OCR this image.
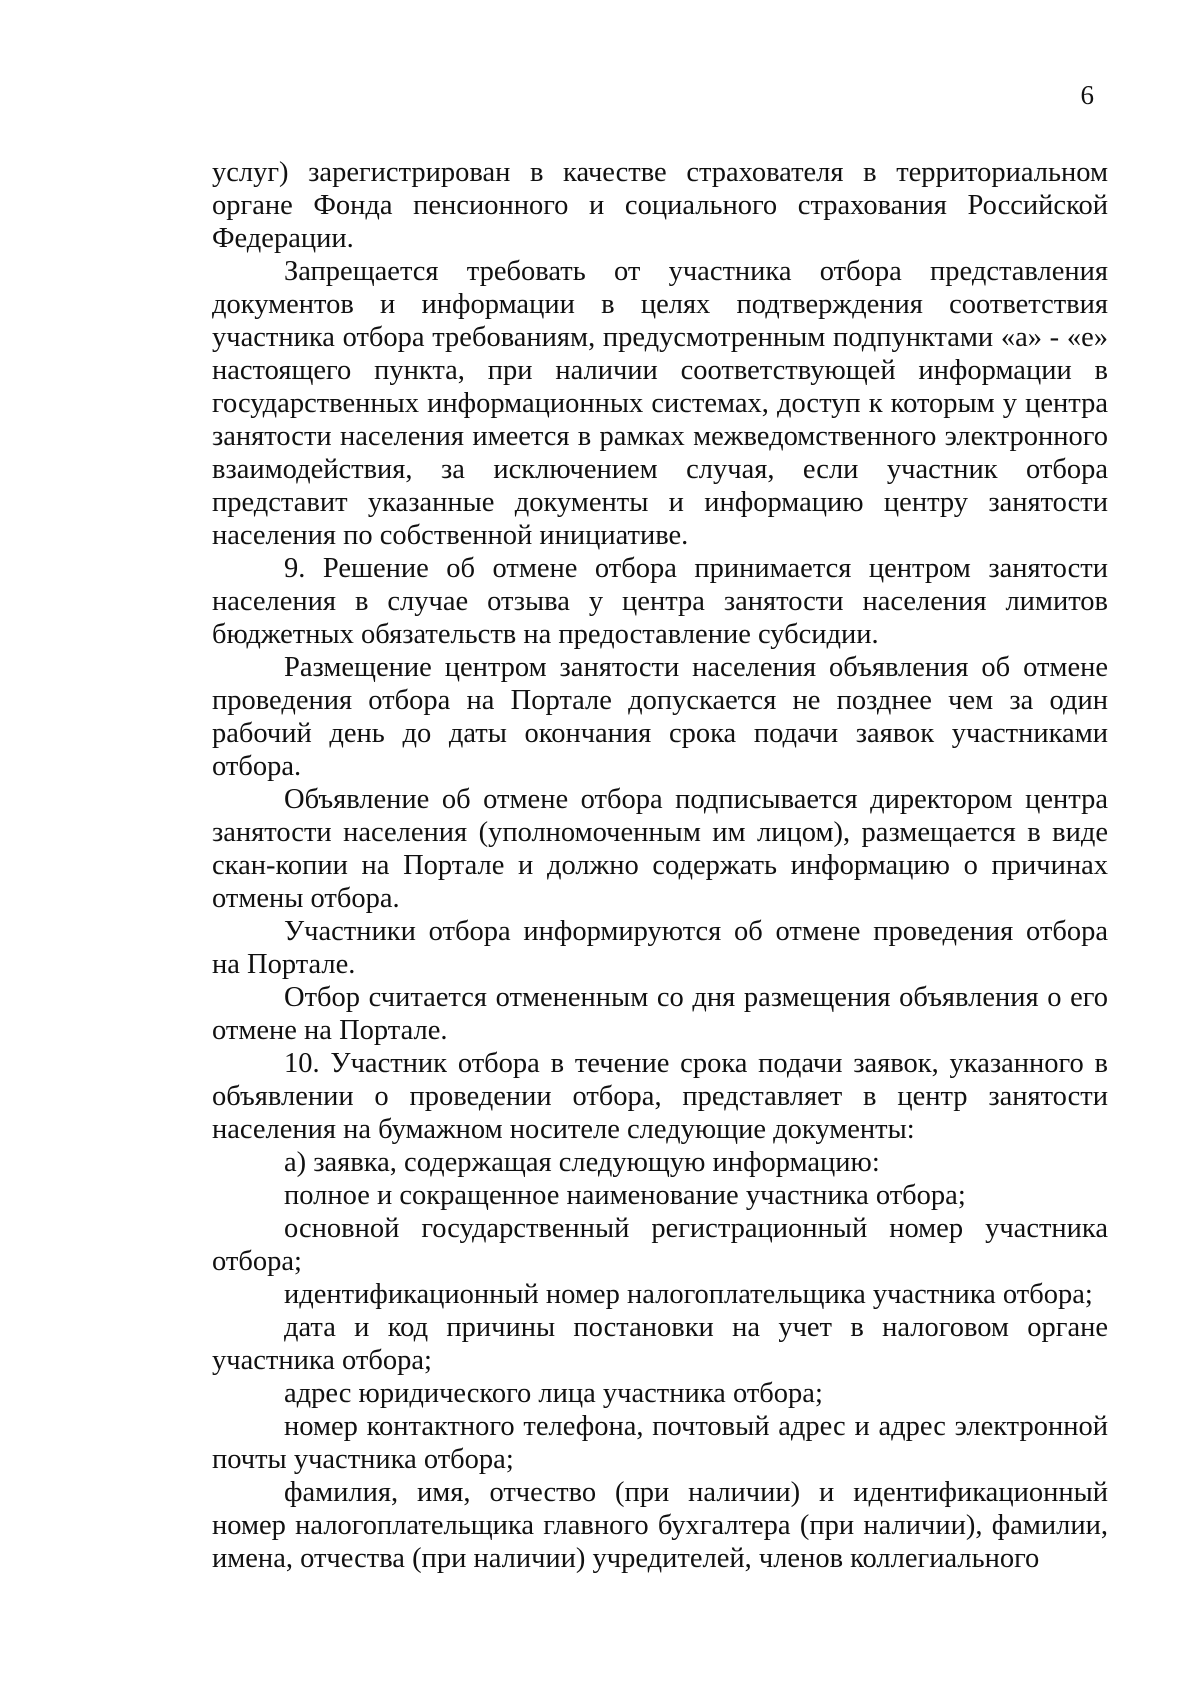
6

услуг) зарегистрирован в качестве страхователя в территориальном органе Фонда пенсионного и социального страхования Российской Федерации.

Запрещается требовать от участника отбора представления документов и информации в целях подтверждения соответствия участника отбора требованиям, предусмотренным подпунктами «а» - «е» настоящего пункта, при наличии соответствующей информации в государственных информационных системах, доступ к которым у центра занятости населения имеется в рамках межведомственного электронного взаимодействия, за исключением случая, если участник отбора представит указанные документы и информацию центру занятости населения по собственной инициативе.

9. Решение об отмене отбора принимается центром занятости населения в случае отзыва у центра занятости населения лимитов бюджетных обязательств на предоставление субсидии.

Размещение центром занятости населения объявления об отмене проведения отбора на Портале допускается не позднее чем за один рабочий день до даты окончания срока подачи заявок участниками отбора.

Объявление об отмене отбора подписывается директором центра занятости населения (уполномоченным им лицом), размещается в виде скан-копии на Портале и должно содержать информацию о причинах отмены отбора.

Участники отбора информируются об отмене проведения отбора на Портале.

Отбор считается отмененным со дня размещения объявления о его отмене на Портале.

10. Участник отбора в течение срока подачи заявок, указанного в объявлении о проведении отбора, представляет в центр занятости населения на бумажном носителе следующие документы:

а) заявка, содержащая следующую информацию:

полное и сокращенное наименование участника отбора;

основной государственный регистрационный номер участника отбора;

идентификационный номер налогоплательщика участника отбора;

дата и код причины постановки на учет в налоговом органе участника отбора;

адрес юридического лица участника отбора;

номер контактного телефона, почтовый адрес и адрес электронной почты участника отбора;

фамилия, имя, отчество (при наличии) и идентификационный номер налогоплательщика главного бухгалтера (при наличии), фамилии, имена, отчества (при наличии) учредителей, членов коллегиального
